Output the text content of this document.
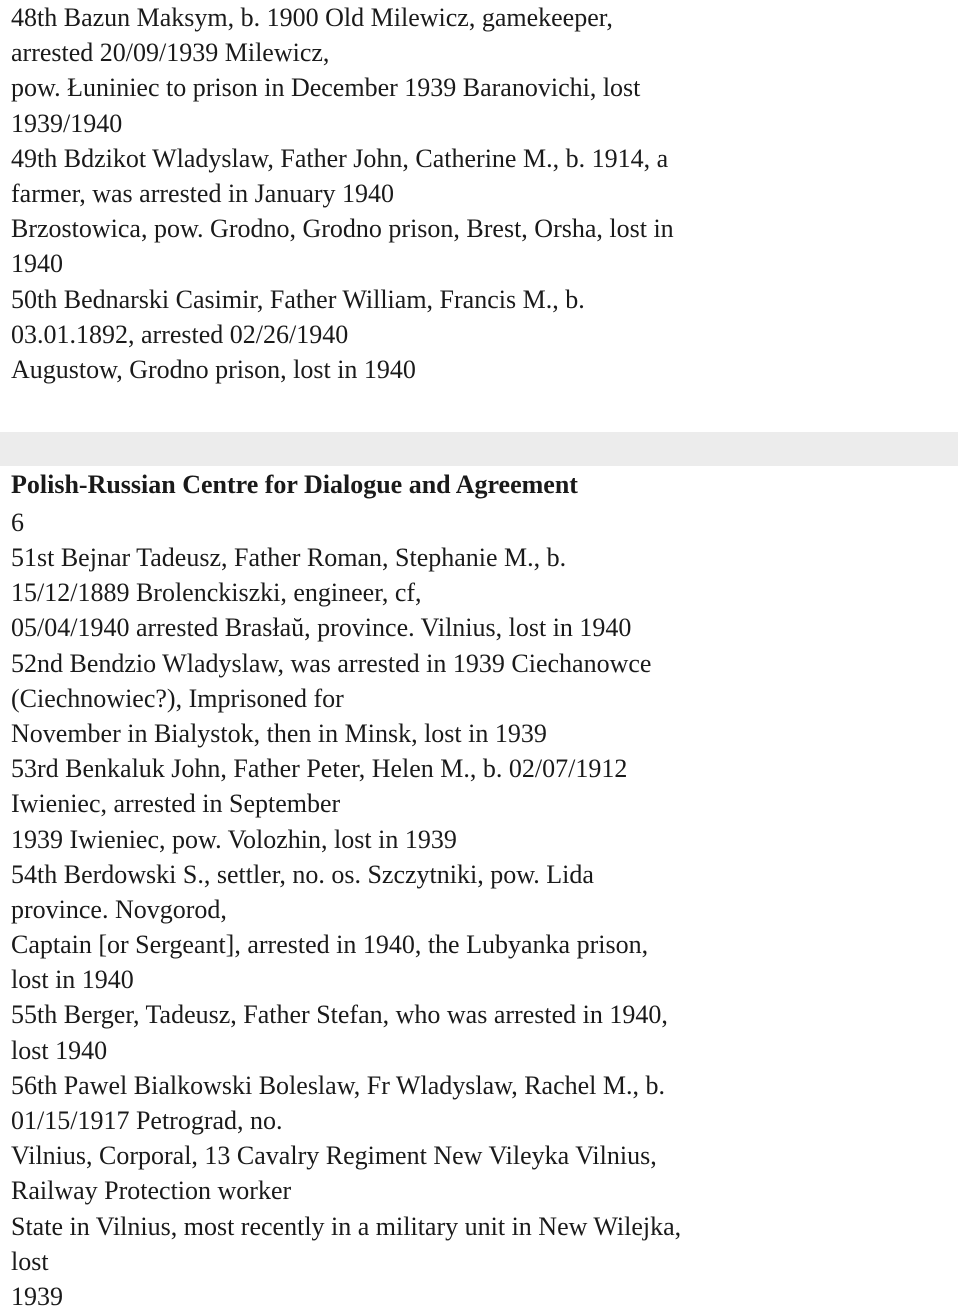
48th Bazun Maksym, b. 1900 Old Milewicz, gamekeeper,
arrested 20/09/1939 Milewicz,
pow. Łuniniec to prison in December 1939 Baranovichi, lost
1939/1940
49th Bdzikot Wladyslaw, Father John, Catherine M., b. 1914, a
farmer, was arrested in January 1940
Brzostowica, pow. Grodno, Grodno prison, Brest, Orsha, lost in
1940
50th Bednarski Casimir, Father William, Francis M., b.
03.01.1892, arrested 02/26/1940
Augustow, Grodno prison, lost in 1940
Polish-Russian Centre for Dialogue and Agreement
6
51st Bejnar Tadeusz, Father Roman, Stephanie M., b.
15/12/1889 Brolenckiszki, engineer, cf,
05/04/1940 arrested Brasłaŭ, province. Vilnius, lost in 1940
52nd Bendzio Wladyslaw, was arrested in 1939 Ciechanowce
(Ciechnowiec?), Imprisoned for
November in Bialystok, then in Minsk, lost in 1939
53rd Benkaluk John, Father Peter, Helen M., b. 02/07/1912
Iwieniec, arrested in September
1939 Iwieniec, pow. Volozhin, lost in 1939
54th Berdowski S., settler, no. os. Szczytniki, pow. Lida
province. Novgorod,
Captain [or Sergeant], arrested in 1940, the Lubyanka prison,
lost in 1940
55th Berger, Tadeusz, Father Stefan, who was arrested in 1940,
lost 1940
56th Pawel Bialkowski Boleslaw, Fr Wladyslaw, Rachel M., b.
01/15/1917 Petrograd, no.
Vilnius, Corporal, 13 Cavalry Regiment New Vileyka Vilnius,
Railway Protection worker
State in Vilnius, most recently in a military unit in New Wilejka,
lost
1939
